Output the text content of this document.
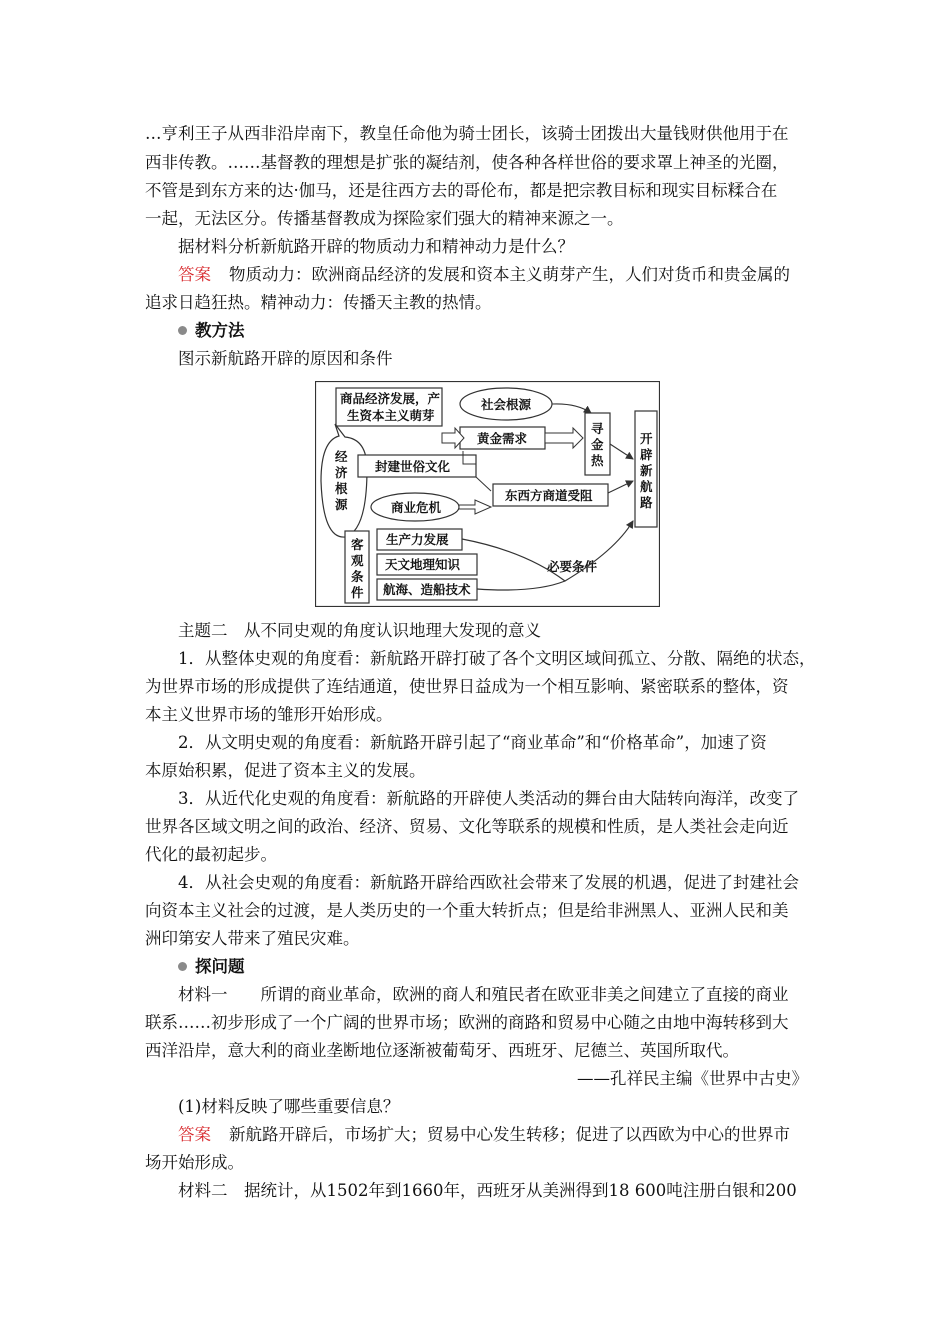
…亨利王子从西非沿岸南下，教皇任命他为骑士团长，该骑士团拨出大量钱财供他用于在
西非传教。……基督教的理想是扩张的凝结剂，使各种各样世俗的要求罩上神圣的光圈，
不管是到东方来的达·伽马，还是往西方去的哥伦布，都是把宗教目标和现实目标糅合在
一起，无法区分。传播基督教成为探险家们强大的精神来源之一。
据材料分析新航路开辟的物质动力和精神动力是什么？
答案 物质动力：欧洲商品经济的发展和资本主义萌芽产生，人们对货币和贵金属的
追求日趋狂热。精神动力：传播天主教的热情。
教方法
图示新航路开辟的原因和条件
商品经济发展，产
生资本主义萌芽
社会根源
经
济
根
源
黄金需求
寻
金
热
开
辟
新
航
路
封建世俗文化
商业危机
东西方商道受阻
客
观
条
件
生产力发展
天文地理知识
航海、造船技术
必要条件
主题二　从不同史观的角度认识地理大发现的意义
1．从整体史观的角度看：新航路开辟打破了各个文明区域间孤立、分散、隔绝的状态，
为世界市场的形成提供了连结通道，使世界日益成为一个相互影响、紧密联系的整体，资
本主义世界市场的雏形开始形成。
2．从文明史观的角度看：新航路开辟引起了“商业革命”和“价格革命”，加速了资
本原始积累，促进了资本主义的发展。
3．从近代化史观的角度看：新航路的开辟使人类活动的舞台由大陆转向海洋，改变了
世界各区域文明之间的政治、经济、贸易、文化等联系的规模和性质，是人类社会走向近
代化的最初起步。
4．从社会史观的角度看：新航路开辟给西欧社会带来了发展的机遇，促进了封建社会
向资本主义社会的过渡，是人类历史的一个重大转折点；但是给非洲黑人、亚洲人民和美
洲印第安人带来了殖民灾难。
探问题
材料一　　所谓的商业革命，欧洲的商人和殖民者在欧亚非美之间建立了直接的商业
联系……初步形成了一个广阔的世界市场；欧洲的商路和贸易中心随之由地中海转移到大
西洋沿岸，意大利的商业垄断地位逐渐被葡萄牙、西班牙、尼德兰、英国所取代。
——孔祥民主编《世界中古史》
(1)材料反映了哪些重要信息？
答案 新航路开辟后，市场扩大；贸易中心发生转移；促进了以西欧为中心的世界市
场开始形成。
材料二　据统计，从1502年到1660年，西班牙从美洲得到18 600吨注册白银和200
